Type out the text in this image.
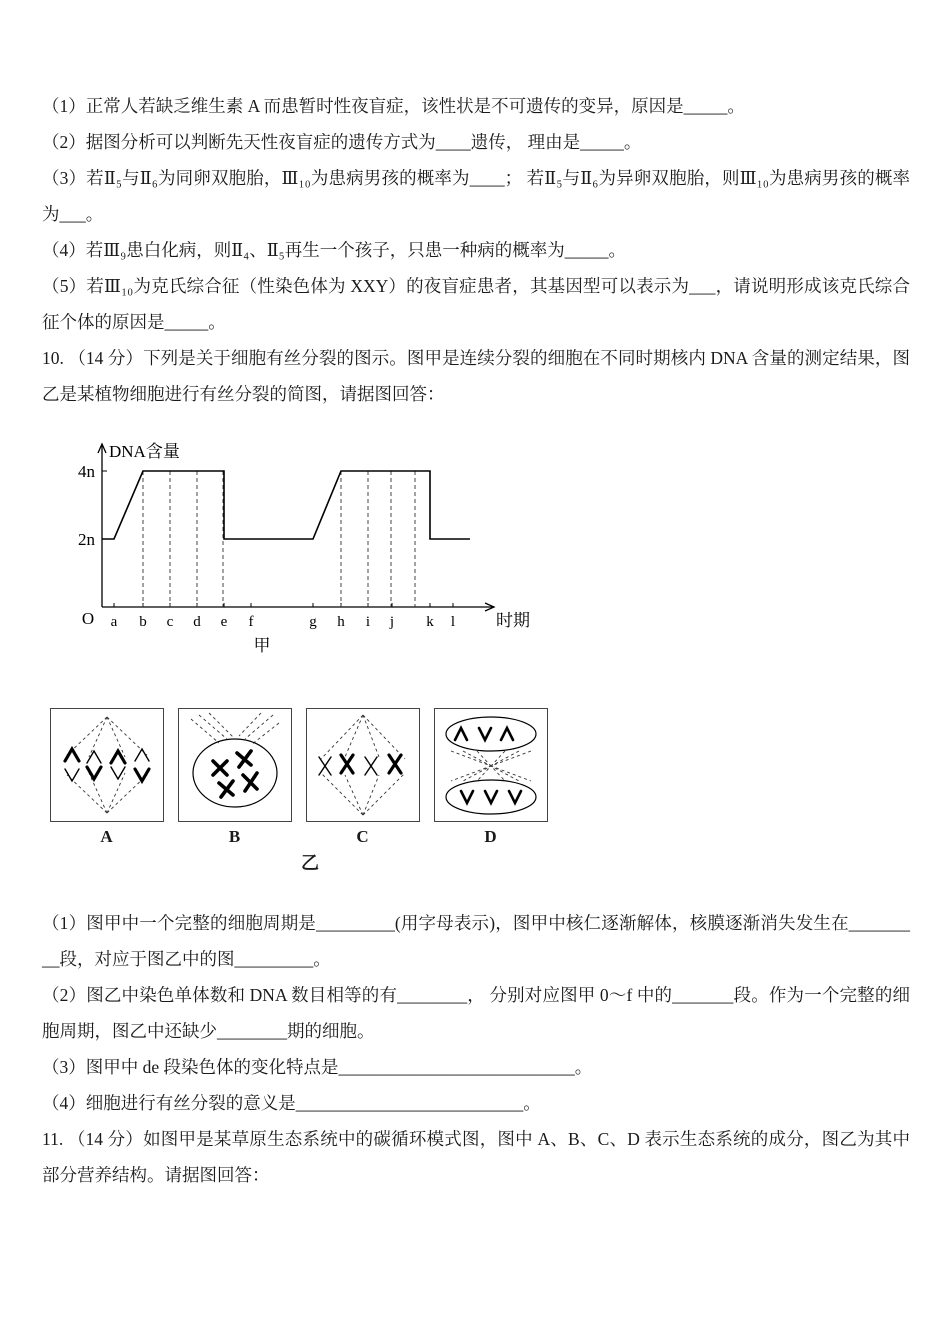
（1）正常人若缺乏维生素 A 而患暂时性夜盲症，该性状是不可遗传的变异，原因是_____。

（2）据图分析可以判断先天性夜盲症的遗传方式为____遗传， 理由是_____。

（3）若Ⅱ₅与Ⅱ₆为同卵双胞胎，Ⅲ₁₀为患病男孩的概率为____； 若Ⅱ₅与Ⅱ₆为异卵双胞胎，则Ⅲ₁₀为患病男孩的概率为___。

（4）若Ⅲ₉患白化病，则Ⅱ₄、Ⅱ₅再生一个孩子，只患一种病的概率为_____。

（5）若Ⅲ₁₀为克氏综合征（性染色体为 XXY）的夜盲症患者，其基因型可以表示为___，请说明形成该克氏综合征个体的原因是_____。

10. （14 分）下列是关于细胞有丝分裂的图示。图甲是连续分裂的细胞在不同时期核内 DNA 含量的测定结果，图乙是某植物细胞进行有丝分裂的简图，请据图回答：

DNA含量
时期
O
2n
4n
a b c d e f	g h i j k l
甲
A	B	C	D
乙

（1）图甲中一个完整的细胞周期是_________(用字母表示)，图甲中核仁逐渐解体，核膜逐渐消失发生在_________段，对应于图乙中的图_________。

（2）图乙中染色单体数和 DNA 数目相等的有________， 分别对应图甲 0～f 中的_______段。作为一个完整的细胞周期，图乙中还缺少________期的细胞。

（3）图甲中 de 段染色体的变化特点是___________________________。

（4）细胞进行有丝分裂的意义是__________________________。

11. （14 分）如图甲是某草原生态系统中的碳循环模式图，图中 A、B、C、D 表示生态系统的成分，图乙为其中部分营养结构。请据图回答：
